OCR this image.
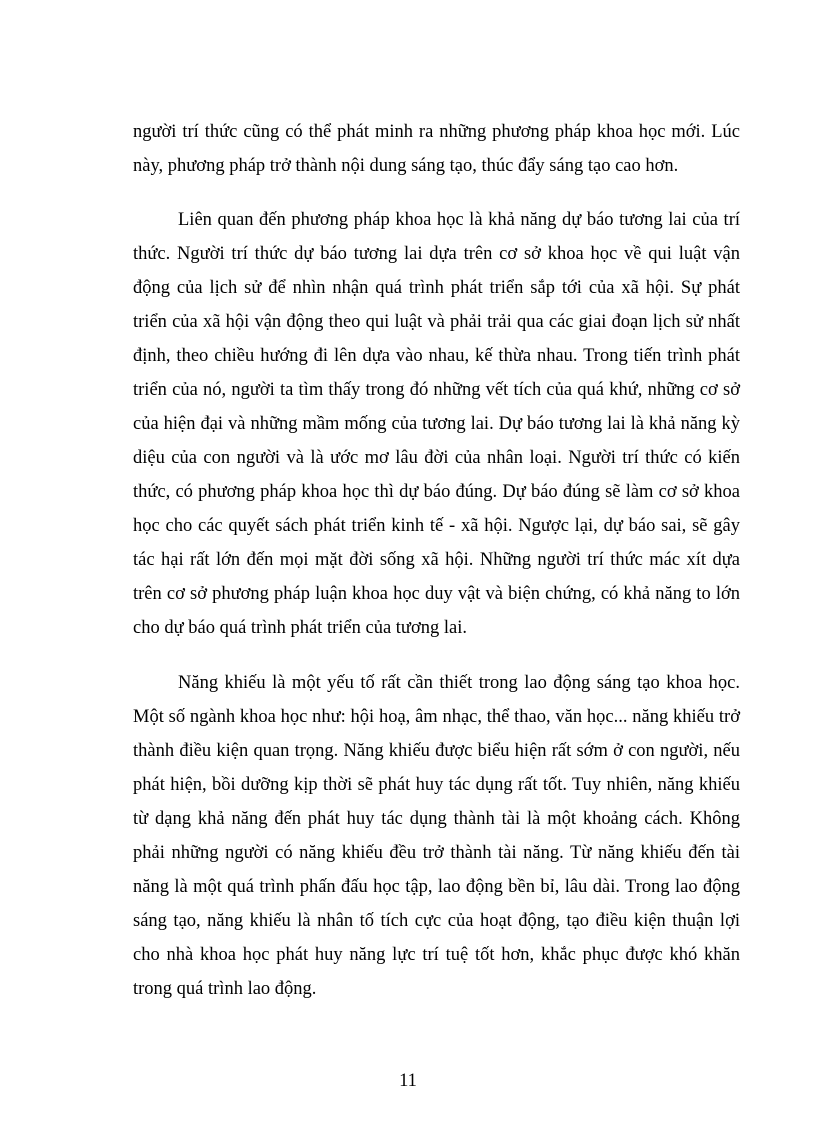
người trí thức cũng có thể phát minh ra những phương pháp khoa học mới. Lúc
này, phương pháp trở thành nội dung sáng tạo, thúc đẩy sáng tạo cao hơn.
Liên quan đến phương pháp khoa học là khả năng dự báo tương lai của trí
thức. Người trí thức dự báo tương lai dựa trên cơ sở khoa học về qui luật vận
động của lịch sử để nhìn nhận quá trình phát triển sắp tới của xã hội. Sự phát
triển của xã hội vận động theo qui luật và phải trải qua các giai đoạn lịch sử nhất
định, theo chiều hướng đi lên dựa vào nhau, kế thừa nhau. Trong tiến trình phát
triển của nó, người ta tìm thấy trong đó những vết tích của quá khứ, những cơ sở
của hiện đại và những mầm mống của tương lai. Dự báo tương lai là khả năng kỳ
diệu của con người và là ước mơ lâu đời của nhân loại. Người trí thức có kiến
thức, có phương pháp khoa học thì dự báo đúng. Dự báo đúng sẽ làm cơ sở khoa
học cho các quyết sách phát triển kinh tế - xã hội. Ngược lại, dự báo sai, sẽ gây
tác hại rất lớn đến mọi mặt đời sống xã hội. Những người trí thức mác xít dựa
trên cơ sở phương pháp luận khoa học duy vật và biện chứng, có khả năng to lớn
cho dự báo quá trình phát triển của tương lai.
Năng khiếu là một yếu tố rất cần thiết trong lao động sáng tạo khoa học.
Một số ngành khoa học như: hội hoạ, âm nhạc, thể thao, văn học... năng khiếu trở
thành điều kiện quan trọng. Năng khiếu được biểu hiện rất sớm ở con người, nếu
phát hiện, bồi dưỡng kịp thời sẽ phát huy tác dụng rất tốt. Tuy nhiên, năng khiếu
từ dạng khả năng đến phát huy tác dụng thành tài là một khoảng cách. Không
phải những người có năng khiếu đều trở thành tài năng. Từ năng khiếu đến tài
năng là một quá trình phấn đấu học tập, lao động bền bỉ, lâu dài. Trong lao động
sáng tạo, năng khiếu là nhân tố tích cực của hoạt động, tạo điều kiện thuận lợi
cho nhà khoa học phát huy năng lực trí tuệ tốt hơn, khắc phục được khó khăn
trong quá trình lao động.
11
